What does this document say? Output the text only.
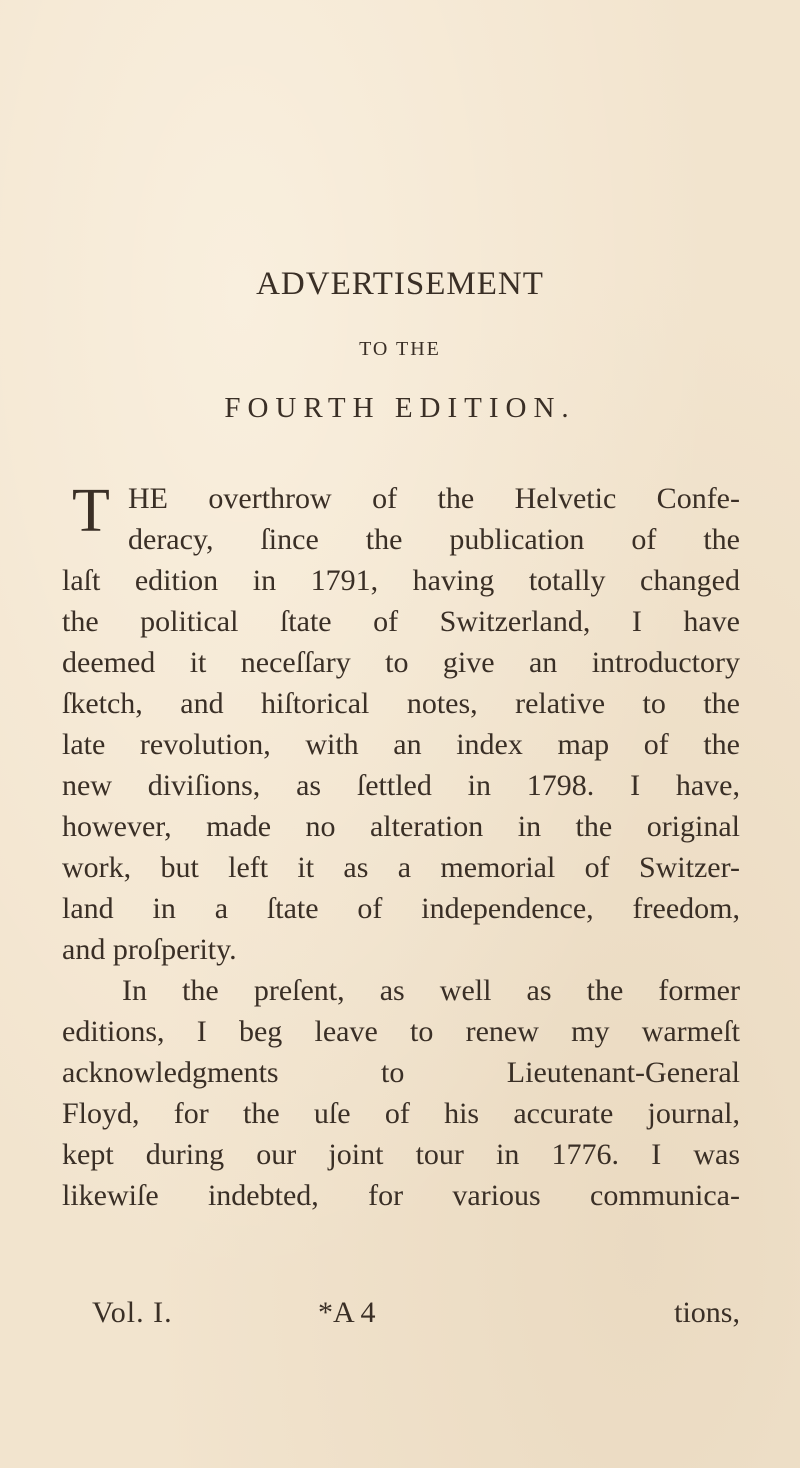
ADVERTISEMENT
TO THE
FOURTH EDITION.
T HE overthrow of the Helvetic Confe-
deracy, ſince the publication of the
laſt edition in 1791, having totally changed
the political ſtate of Switzerland, I have
deemed it neceſſary to give an introductory
ſketch, and hiſtorical notes, relative to the
late revolution, with an index map of the
new diviſions, as ſettled in 1798. I have,
however, made no alteration in the original
work, but left it as a memorial of Switzer-
land in a ſtate of independence, freedom,
and proſperity.
In the preſent, as well as the former
editions, I beg leave to renew my warmeſt
acknowledgments to Lieutenant-General
Floyd, for the uſe of his accurate journal,
kept during our joint tour in 1776. I was
likewiſe indebted, for various communica-
Vol. I.	*A 4	tions,
